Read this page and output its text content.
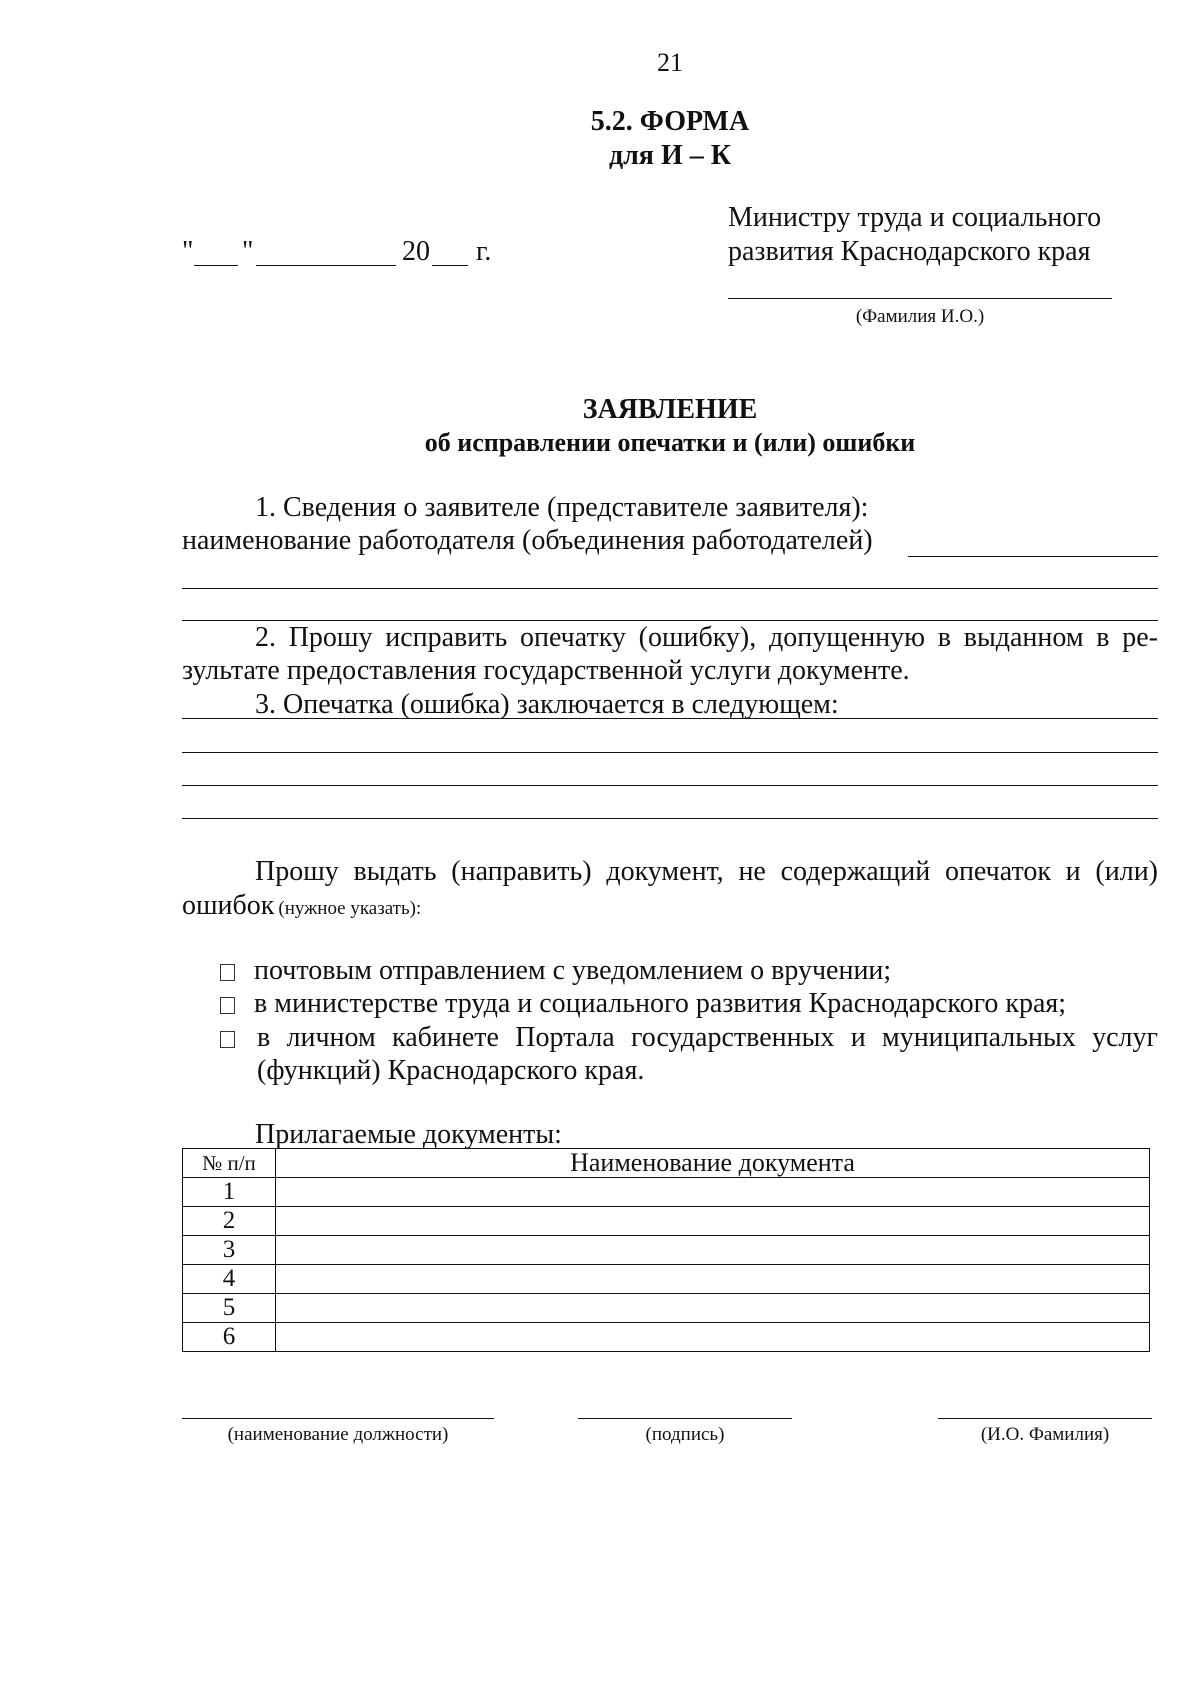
21
5.2. ФОРМА
для И – К
" "	20 г.
Министру труда и социального
развития Краснодарского края
(Фамилия И.О.)
ЗАЯВЛЕНИЕ
об исправлении опечатки и (или) ошибки
1. Сведения о заявителе (представителе заявителя):
наименование работодателя (объединения работодателей)
2. Прошу исправить опечатку (ошибку), допущенную в выданном в ре-
зультате предоставления государственной услуги документе.
3. Опечатка (ошибка) заключается в следующем:
Прошу выдать (направить) документ, не содержащий опечаток и (или)
ошибок (нужное указать):
почтовым отправлением с уведомлением о вручении;
в министерстве труда и социального развития Краснодарского края;
в личном кабинете Портала государственных и муниципальных услуг
(функций) Краснодарского края.
Прилагаемые документы:
№ п/п	Наименование документа
1	
2	
3	
4	
5	
6	
(наименование должности)	(подпись)	(И.О. Фамилия)
